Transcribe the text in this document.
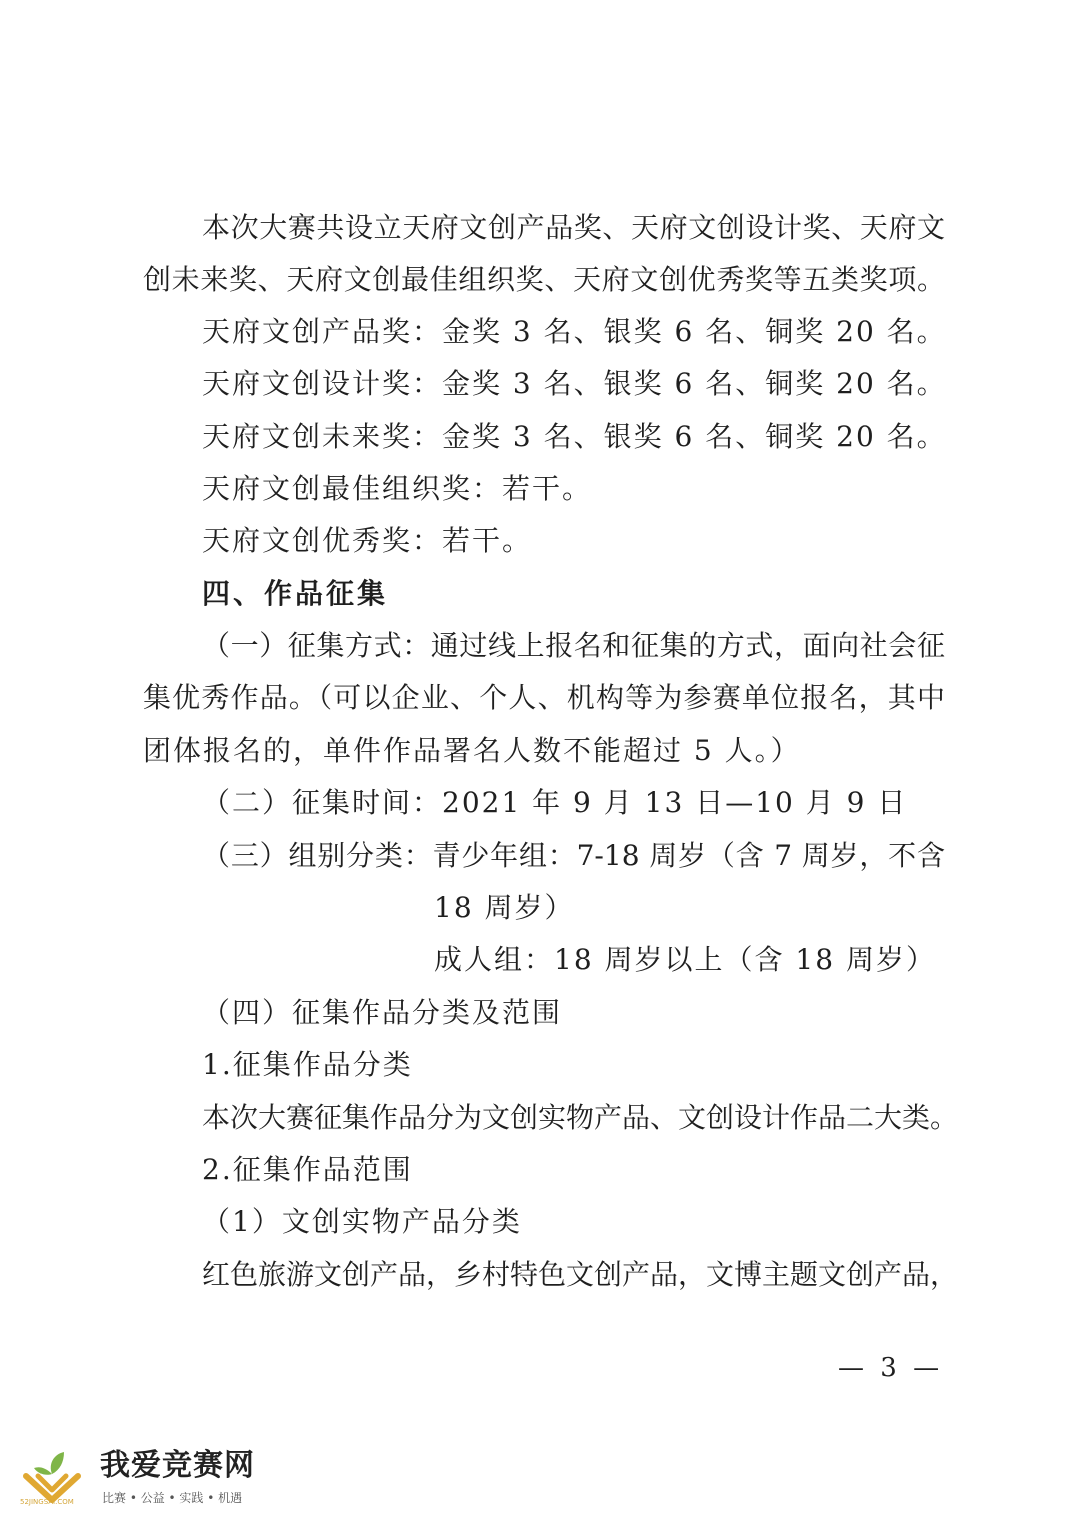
本次大赛共设立天府文创产品奖、天府文创设计奖、天府文
创未来奖、天府文创最佳组织奖、天府文创优秀奖等五类奖项。
天府文创产品奖：金奖 3 名、银奖 6 名、铜奖 20 名。
天府文创设计奖：金奖 3 名、银奖 6 名、铜奖 20 名。
天府文创未来奖：金奖 3 名、银奖 6 名、铜奖 20 名。
天府文创最佳组织奖：若干。
天府文创优秀奖：若干。
四、作品征集
（一）征集方式：通过线上报名和征集的方式，面向社会征
集优秀作品。（可以企业、个人、机构等为参赛单位报名，其中
团体报名的，单件作品署名人数不能超过 5 人。）
（二）征集时间：2021 年 9 月 13 日—10 月 9 日
（三）组别分类：青少年组：7-18 周岁（含 7 周岁，不含
18 周岁）
成人组：18 周岁以上（含 18 周岁）
（四）征集作品分类及范围
1.征集作品分类
本次大赛征集作品分为文创实物产品、文创设计作品二大类。
2.征集作品范围
（1）文创实物产品分类
红色旅游文创产品，乡村特色文创产品，文博主题文创产品，
— 3 —
52JINGSAI.COM
我爱竞赛网
比赛 • 公益 • 实践 • 机遇
